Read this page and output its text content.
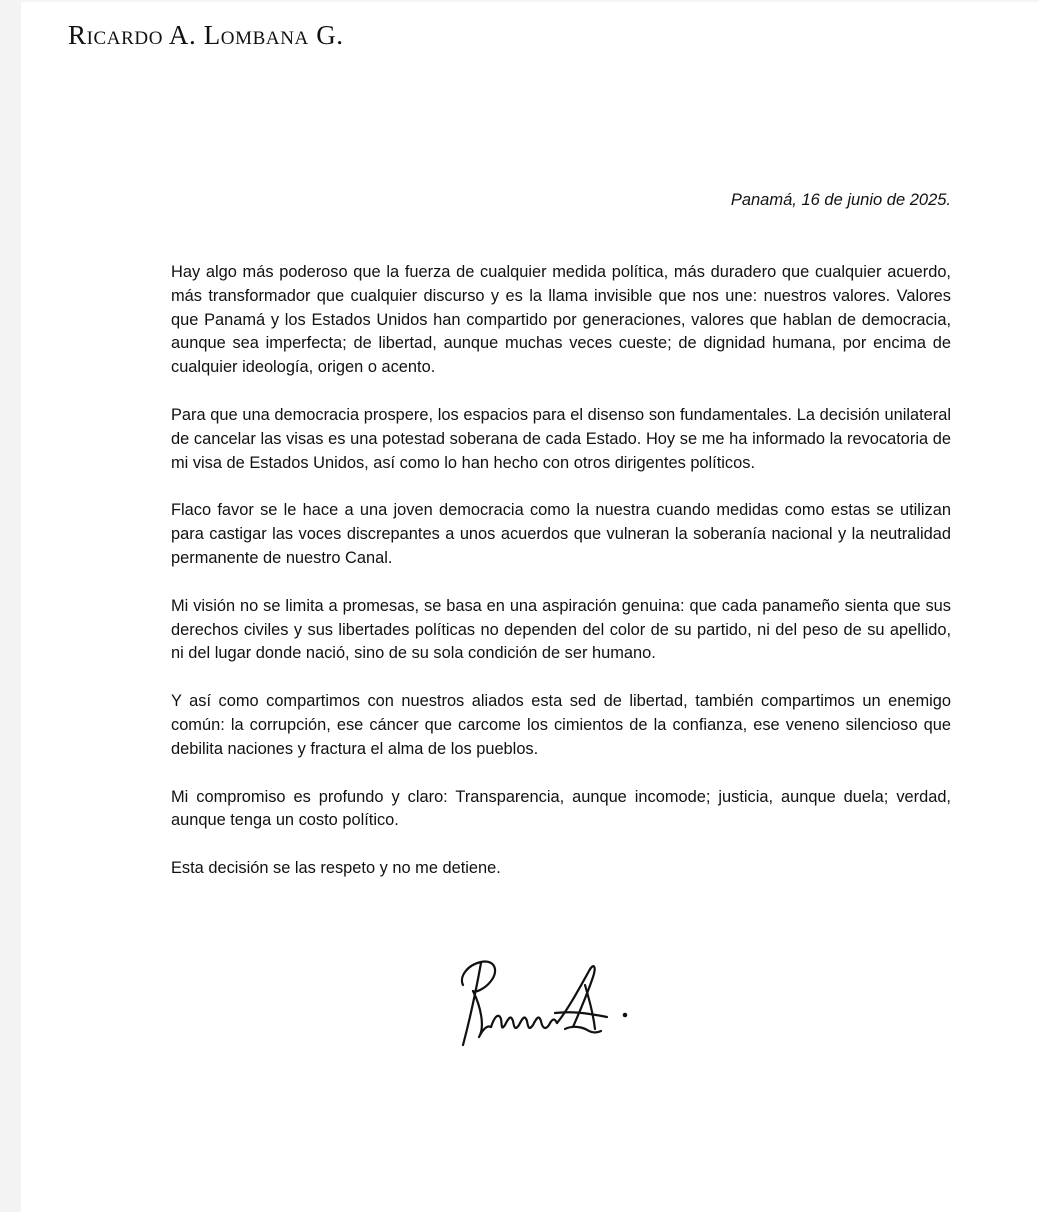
Ricardo A. Lombana G.

Panamá, 16 de junio de 2025.

Hay algo más poderoso que la fuerza de cualquier medida política, más duradero que cualquier acuerdo, más transformador que cualquier discurso y es la llama invisible que nos une: nuestros valores. Valores que Panamá y los Estados Unidos han compartido por generaciones, valores que hablan de democracia, aunque sea imperfecta; de libertad, aunque muchas veces cueste; de dignidad humana, por encima de cualquier ideología, origen o acento.

Para que una democracia prospere, los espacios para el disenso son fundamentales. La decisión unilateral de cancelar las visas es una potestad soberana de cada Estado. Hoy se me ha informado la revocatoria de mi visa de Estados Unidos, así como lo han hecho con otros dirigentes políticos.

Flaco favor se le hace a una joven democracia como la nuestra cuando medidas como estas se utilizan para castigar las voces discrepantes a unos acuerdos que vulneran la soberanía nacional y la neutralidad permanente de nuestro Canal.

Mi visión no se limita a promesas, se basa en una aspiración genuina: que cada panameño sienta que sus derechos civiles y sus libertades políticas no dependen del color de su partido, ni del peso de su apellido, ni del lugar donde nació, sino de su sola condición de ser humano.

Y así como compartimos con nuestros aliados esta sed de libertad, también compartimos un enemigo común: la corrupción, ese cáncer que carcome los cimientos de la confianza, ese veneno silencioso que debilita naciones y fractura el alma de los pueblos.

Mi compromiso es profundo y claro: Transparencia, aunque incomode; justicia, aunque duela; verdad, aunque tenga un costo político.

Esta decisión se las respeto y no me detiene.
